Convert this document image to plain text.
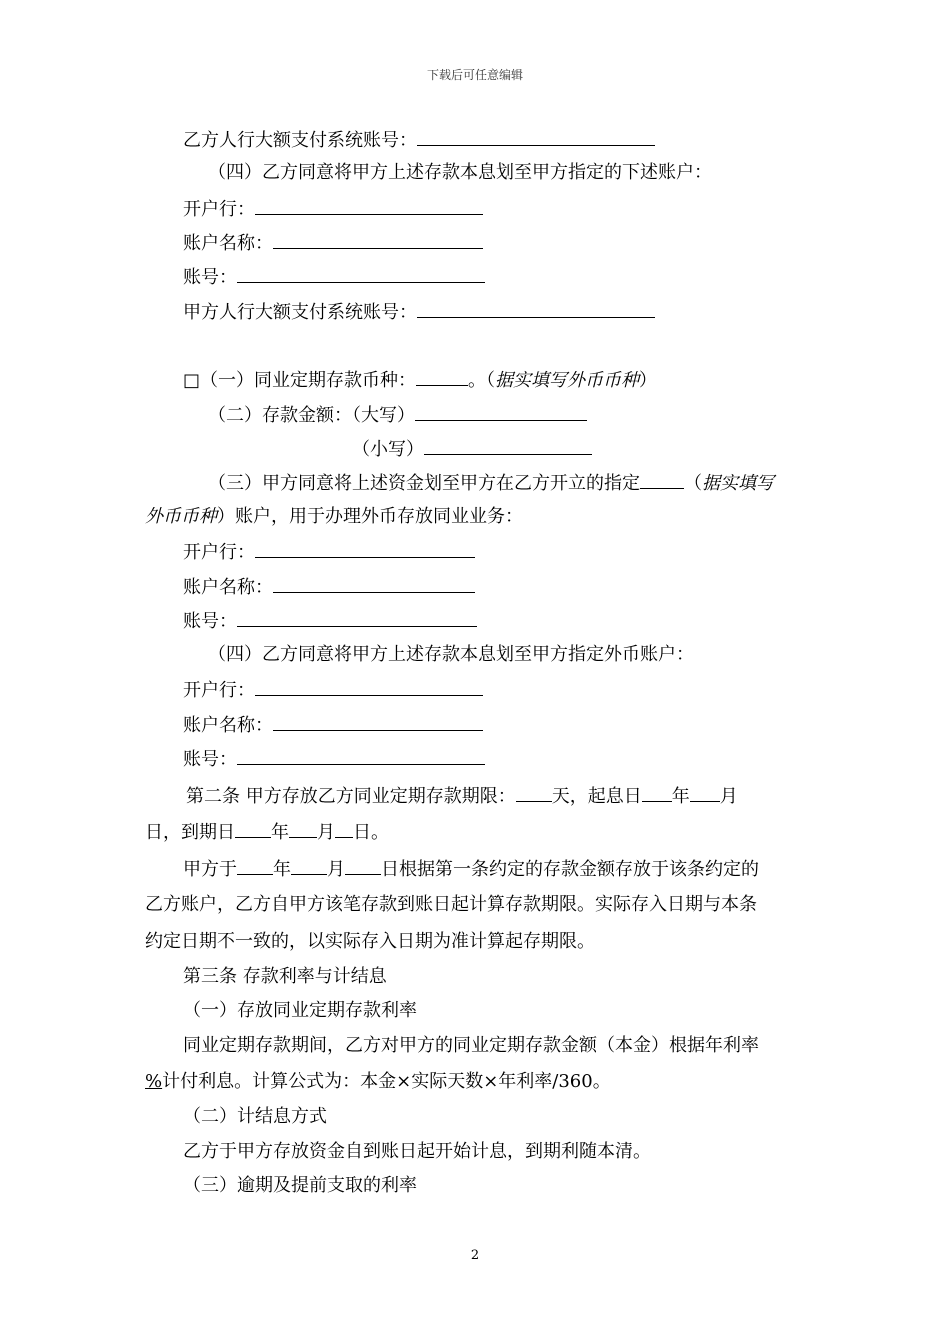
下载后可任意编辑
乙方人行大额支付系统账号：
（四）乙方同意将甲方上述存款本息划至甲方指定的下述账户：
开户行：
账户名称：
账号：
甲方人行大额支付系统账号：
□（一）同业定期存款币种：	。（据实填写外币币种）
（二）存款金额：（大写）
（小写）
（三）甲方同意将上述资金划至甲方在乙方开立的指定 （据实填写
外币币种）账户，用于办理外币存放同业业务：
开户行：
账户名称：
账号：
（四）乙方同意将甲方上述存款本息划至甲方指定外币账户：
开户行：
账户名称：
账号：
第二条 甲方存放乙方同业定期存款期限： 天，起息日 年 月
日，到期日 年 月 日。
甲方于 年 月 日根据第一条约定的存款金额存放于该条约定的
乙方账户，乙方自甲方该笔存款到账日起计算存款期限。实际存入日期与本条
约定日期不一致的，以实际存入日期为准计算起存期限。
第三条 存款利率与计结息
（一）存放同业定期存款利率
同业定期存款期间，乙方对甲方的同业定期存款金额（本金）根据年利率
%计付利息。计算公式为：本金×实际天数×年利率/360。
（二）计结息方式
乙方于甲方存放资金自到账日起开始计息，到期利随本清。
（三）逾期及提前支取的利率
2
